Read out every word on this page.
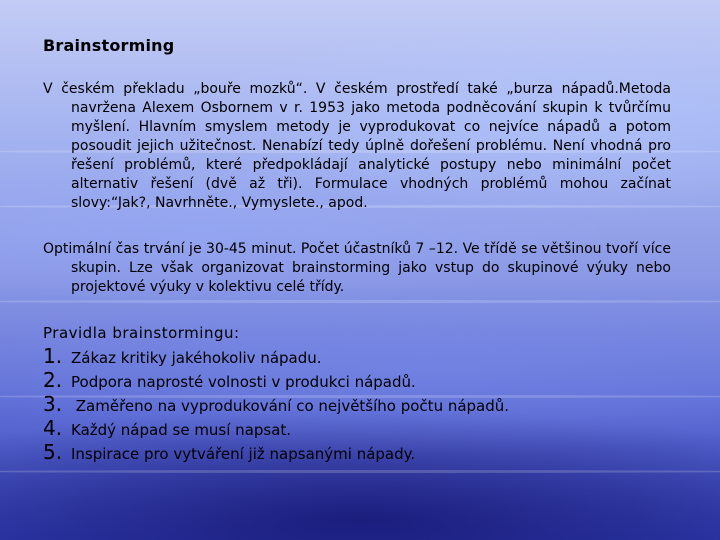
Brainstorming
V českém překladu „bouře mozků“. V českém prostředí také „burza nápadů.Metoda navržena Alexem Osbornem v r. 1953 jako metoda podněcování skupin k tvůrčímu myšlení. Hlavním smyslem metody je vyprodukovat co nejvíce nápadů a potom posoudit jejich užitečnost. Nenabízí tedy úplně dořešení problému. Není vhodná pro řešení problémů, které předpokládají analytické postupy nebo minimální počet alternativ řešení (dvě až tři). Formulace vhodných problémů mohou začínat slovy:“Jak?, Navrhněte., Vymyslete., apod.
Optimální čas trvání je 30-45 minut. Počet účastníků 7 –12. Ve třídě se většinou tvoří více skupin. Lze však organizovat brainstorming jako vstup do skupinové výuky nebo projektové výuky v kolektivu celé třídy.
Pravidla brainstormingu:
1. Zákaz kritiky jakéhokoliv nápadu.
2. Podpora naprosté volnosti v produkci nápadů.
3. Zaměřeno na vyprodukování co největšího počtu nápadů.
4. Každý nápad se musí napsat.
5. Inspirace pro vytváření již napsanými nápady.
